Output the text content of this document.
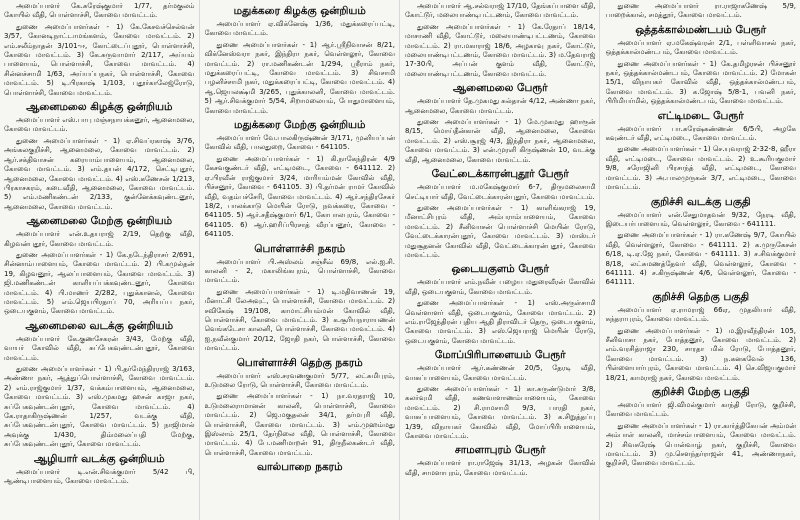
அமைப்பாளர் கே.சுரேஷ்குமார் 1/77, தர்மகுலம் கோயில் வீதி, பொள்ளாச்சி, கோவை மாவட்டம்.

துணை அமைப்பாளர்கள் - 1) கே.கேசவச்செல்வன் 3/57, கோனடிநாட்டாமங்களம், கோவை மாவட்டம். 2) எம்.சலீம்நாதன் 3/101-ஈ, கோட்டைப்புதூர், பொள்ளாச்சி, கோவை மாவட்டம். 3) கே.சுருவாமார் 2/117, அய்யம் பாளையம், பொள்ளாச்சி, கோவை மாவட்டம். 4) சின்னச்சாமி 1/63, அய்யப்பநகர், பொள்ளாச்சி, கோவை மாவட்டம். 5) டி.பிரகாஷ் 1/103, புதூர்காலேஜ்ரோடு, பொள்ளாச்சி, கோவை மாவட்டம்.

ஆனைமலை கிழக்கு ஒன்றியம்

அமைப்பாளர் எஸ்.பாபு மஞ்சநாயக்கனூர், ஆனைமலை, கோவை மாவட்டம்.

துணை அமைப்பாளர்கள் - 1) ஏ.சிவப்ரகாஷ் 3/76, அங்கலகுறிச்சி, ஆனைமலை, கோவை மாவட்டம். 2) ஆர்.சக்திவாசன் கரையாம்பாளையம், ஆனைமலை, கோவை மாவட்டம். 3) எம்.தயன் 4/172, செட்டிபுதூர், ஆனைமலை, கோவை மாவட்டம். 4) எஸ்.கணேசன் 1/213, பிரகாசகரம், கடைவீதி, ஆனைமலை, கோவை மாவட்டம். 5) எம்.மணிகண்டன் 2/133, குன்னேக்கவுண்டனூர், ஆனைமலை, கோவை மாவட்டம்.

ஆனைமலை மேற்கு ஒன்றியம்

அமைப்பாளர் என்.உதயராஜ் 2/19, தெற்கு வீதி, கிழவன்புதூர், கோவை மாவட்டம்.

துணை அமைப்பாளர்கள் - 1) கே.நடேந்திராசர் 2/691, சின்னாம்பாளையம், கோவை மாவட்டம். 2) பி.கமுல்தன் 19, கிழவனூர், ஆலப்பாளையம், கோவை மாவட்டம். 3) ஜி.மணிகண்டன் காளியப்பக்கவுண்டனூர், கோவை மாவட்டம். 4) பி.மாணர் 2/282, புதுக்கானல், கோவை மாவட்டம். 5) எம்.ஜெயபிரதாப் 70, அரியப்ப நகர், ஒடையகுளம், கோவை மாவட்டம்.

ஆனைமலை வடக்கு ஒன்றியம்

அமைப்பாளர் கே.குணசேகரன் 3/43, மேற்கு வீதி, வாயர் கோவில் வீதி, சுப்பேகவுண்டன்புதூர், கோவை மாவட்டம்.

துணை அமைப்பாளர்கள் - 1) பி.தர்மேந்திரராஜ் 3/163, அண்ணா நகர், ஆத்துப்பொள்ளாச்சி, கோவை மாவட்டம். 2) எம்.ராஜ்குமார் 1/37, வக்கம்பாளையம், ஆனைமலை, கோவை மாவட்டம். 3) எஸ்.முகமது ஹசன் காஜா நகர், சுப்பேகவுண்டன்புதூர், கோவை மாவட்டம். 4) கே.ராதாகிருஷ்ணன் 1/257, வடக்கு வீதி, சுப்பேகவுண்டன்புதூர், கோவை மாவட்டம். 5) நாஜிமால் அவுக்கு 1/430, திம்மலைப்பதி மேற்கு, சுப்பேகவுண்டன்புதூர், கோவை மாவட்டம்.

ஆழியார் வடக்கு ஒன்றியம்

அமைப்பாளர் டி.என்.சிவக்குமார் 5/42 பி, ஆண்டிபாளையம், கோவை மாவட்டம்.

மதுக்கரை கிழக்கு ஒன்றியம்

அமைப்பாளர் ஏ.விக்னேஷ் 1/36, மதுக்கரைப்பட்டி, கோவை மாவட்டம்.

துணை அமைப்பாளர்கள் - 1) ஆர்.ஸ்ரீநிவாசன் 8/21, விக்னேஸ்வரா நகர், இந்திரா நகர், வெள்ளலூர், கோவை மாவட்டம். 2) ரா.மணிகண்டன் 1/294, ஸ்ரீராம் நகர், மதுக்கரைப்பட்டி, கோவை மாவட்டம். 3) சிவசாமி பழனிச்சாமி நகர், மதுக்கரைப்பட்டி, கோவை மாவட்டம். 4) ஆ.ஜெயலக்ஷ்மி 3/265, புதுக்காலனி, கோவை மாவட்டம். 5) ஆர்.சிவக்குமார் 5/54, சிறாமலையம், போதுமாளையம், கோவை மாவட்டம்.

மதுக்கரை மேற்கு ஒன்றியம்

அமைப்பாளர் வே.பாலகிருஷ்ணன் 3/171, முனியப்பன் கோவில் வீதி, பாலதுறை, கோவை - 641105.

துணை அமைப்பாளர்கள் - 1) கி.நாகேந்திரன் 4/9 கேசவகுண்டர் வீதி, எட்டிமடை, கோவை - 641112. 2) ஏ.பிரவீன் ராஜ்குமார் 3/24, மாரியம்மன் கோவில் வீதி, பிச்சனூர், கோவை - 641105. 3) பி.தர்மன் ராமர் கோவில் வீதி, வதம்பச்சேரி, கோவை மாவட்டம். 4) ஆர்.சந்திரசேகர் 18/2, பாலக்காடு மெயின் ரோடு, நவக்கரை, கோவை - 641105. 5) ஆர்.சதீஷ்குமார் 6/1, கோபாலபுரம், கோவை - 641105. 6) ஆர்.ஹரிப்பிரசாத் வீரப்பனூர், கோவை - 641105.

பொள்ளாச்சி நகரம்

அமைப்பாளர் பி.அஸ்லம் சஞ்சீவ் 69/8, எல்.ஐ.சி. காலனி - 2, மகாலிங்கபுரம், பொள்ளாச்சி, கோவை மாவட்டம்.

துணை அமைப்பாளர்கள் - 1) டி.மதிவாணன் 19, மீனாட்சி லேஅவுட், பொள்ளாச்சி, கோவை மாவட்டம். 2) சவிகேஷ் 19/108, காமாட்சியம்மன் கோவில் வீதி, பொள்ளாச்சி, கோவை மாவட்டம். 3) க.சூரியநாராயணன் வெங்கடேசா காலனி, பொள்ளாச்சி, கோவை மாவட்டம். 4) ஐ.நவீன்குமார் 20/12, ஜோதி நகர், பொள்ளாச்சி, கோவை மாவட்டம்.

பொள்ளாச்சி தெற்கு நகரம்

அமைப்பாளர் எஸ்.சரவணகுமார் 5/77, லட்சுமிபுரம், உடுமலை ரோடு, பொள்ளாச்சி, கோவை மாவட்டம்.

துணை அமைப்பாளர்கள் - 1) நா.வரதராஜ் 10, உடுமலைராமானன் காலனி, பொள்ளாச்சி, கோவை மாவட்டம். 2) ஜெ.மகுதலன் 34/1, தர்மபுரி வீதி, பொள்ளாச்சி, கோவை மாவட்டம். 3) எம்.முஹம்மது இஸ்லாம் 25/1, தேர்நிலை வீதி, பொள்ளாச்சி, கோவை மாவட்டம். 4) பே.மணிமாறன் 91, திருநீலகண்டர் வீதி, பொள்ளாச்சி, கோவை மாவட்டம்.

வால்பாறை நகரம்

அமைப்பாளர் ஆ.சல்வராஜ் 17/10, தேங்கப்பாளை வீதி, கோட்டூர், மலையாண்டிபட்டணம், கோவை மாவட்டம்.

துணை அமைப்பாளர்கள் - 1) கே.ரேதாப் 18/14, மாசாணி வீதி, கோட்டூர், மலையாண்டிபட்டணம், கோவை மாவட்டம். 2) ரா.மகாராஜ் 18/6, அழகாவு நகர், கோட்டூர், மலையாண்டிபட்டணம், கோவை மாவட்டம். 3) ம.தேவராஜ் 17-30பி, அப்பன் குளம் வீதி, கோட்டூர், மலையாண்டிபட்டணம், கோவை மாவட்டம்.

ஆனைமலை பேரூர்

அமைப்பாளர் தே.முகமது சுல்தான் 4/12, அண்ணா நகர், ஆனைமலை, கோவை மாவட்டம்.

துணை அமைப்பாளர்கள் - 1) மே.முகமது ஹாரூன் 8/15, மொய்தீன்கான் வீதி, ஆனைமலை, கோவை மாவட்டம். 2) எஸ்.சூரஜ் 4/3, இந்திரா நகர், ஆனைமலை, கோவை மாவட்டம். 3) என்.முரளி கிருஷ்ணன் 10, வடக்கு வீதி, ஆனைமலை, கோவை மாவட்டம்.

வேட்டைக்காரன்புதூர் பேரூர்

அமைப்பாளர் ம.மகேஷ்குமார் 6-7, திருமலைசாமி செட்டியார் வீதி, வேட்டைக்காரன்புதூர், கோவை மாவட்டம்.

துணை அமைப்பாளர்கள் - 1) காளிங்கராஜ் 19, மீனாட்சிபுரம் வீதி, அம்பராம்பாளையம், கோவை மாவட்டம். 2) சீனிவாசன் பொள்ளாச்சி மெயின் ரோடு, வேட்டைக்காரன்புதூர், கோவை மாவட்டம். 3) மாஸ்டர் மதுசூதனன் கோவில் வீதி, வேட்டைக்காரன்புதூர், கோவை மாவட்டம்.

ஒடையகுளம் பேரூர்

அமைப்பாளர் எம்.நவீன் பழைய மதுரைவீரன் கோவில் வீதி, ஒடையகுளம், கோவை மாவட்டம்.

துணை அமைப்பாளர்கள் - 1) எஸ்.அருள்சாமி வெள்ளாளர் வீதி, ஒடையகுளம், கோவை மாவட்டம். 2) எம்.ராஜேந்திரன் புதிய ஆதி திராவிடர் தெரு, ஒடையகுளம், கோவை மாவட்டம். 3) எஸ்.ஜெயராஜ் மெயின் ரோடு, ஒடையகுளம், கோவை மாவட்டம்.

மோப்பிரிபாளையம் பேரூர்

அமைப்பாளர் ஆர்.கண்ணன் 20/5, தேரடி வீதி, வாசுப்பாளையம், கோவை மாவட்டம்.

துணை அமைப்பாளர்கள் - 1) கா.சுருண்டுமார் 3/8, கலர்வுமி வீதி, கணவாளாணம்பாளையம், கோவை மாவட்டம். 2) சி.ராமசாமி 9/3, பாரதி நகர், வாசுப்பாளையம், கோவை மாவட்டம். 3) க.சிறுத்தப்பு 1/39, விநாயகர் கோவில் வீதி, மோப்பிரிபாளையம், கோவை மாவட்டம்.

சாமளாபுரம் பேரூர்

அமைப்பாளர் ரா.ராஜேஷ் 31/13, அழகன் கோவில் வீதி, சாமளாபுரம், கோவை மாவட்டம்.

துணை அமைப்பாளர் ரா.ராஜாகணேஷ் 5/9, பாறைக்கால், சமத்தூர், கோவை மாவட்டம்.

ஒத்தக்கால்மண்டபம் பேரூர்

அமைப்பாளர் ஏ.மகேஷ்வரன் 2/1, பள்ளிவாசல் நகர், ஒத்தக்கால்மண்டபம், கோவை மாவட்டம்.

துணை அமைப்பாளர்கள் - 1) கே.தமிழரசன் பிச்சனூர் நகர், ஒத்தக்கால்மண்டபம், கோவை மாவட்டம். 2) மோகன் 15/1, விநாயகர் கோவில் வீதி, ஒத்தக்கால்மண்டபம், கோவை மாவட்டம். 3) க.ஜோஷ் 5/8-1, பவனி நகர், பிரிமியர்மில், ஒத்தக்கால்மண்டபம், கோவை மாவட்டம்.

எட்டிமடை பேரூர்

அமைப்பாளர் பா.சுரேஷ்கண்ணன் 6/5பி, அழகே கவுண்டர் வீதி, எட்டிமடை, கோவை மாவட்டம்.

துணை அமைப்பாளர்கள் - 1) செ.யுவராஜ் 2-32-8, ஹீரா வீதி, எட்டிமடை, கோவை மாவட்டம். 2) உ.கூரியகுமார் 9/8, சரோஜினி பிரசாந்த் வீதி, எட்டிமடை, கோவை மாவட்டம். 3) அ.பாலமுருகன் 3/7, எட்டிமடை, கோவை மாவட்டம்.

குறிச்சி வடக்கு பகுதி

அமைப்பாளர் என்.சேதுமாதவன் 9/32, நேரடி வீதி, இடையர்பாளையம், வெள்ளலூர், கோவை - 641111.

துணை அமைப்பாளர்கள் - 1) ரா.கணேஷ் 9/7, கோயில் வீதி, வெள்ளலூர், கோவை - 641111. 2) க.முருகேசன் 6/18, டி.ஏ.ஜே நகர், கோவை - 641111. 3) ச.சிவக்குமார் 8/18, லட்சுமணத்தேவர் வீதி, வெள்ளலூர், கோவை - 641111. 4) ச.கிருஷ்ணன் 4/6, வெள்ளலூர், கோவை - 641111.

குறிச்சி தெற்கு பகுதி

அமைப்பாளர் ஏ.ராமராஜ் 66ஏ, முதலியார் வீதி, சுந்தராபுரம், கோவை மாவட்டம்.

துணை அமைப்பாளர்கள் - 1) ம.இரவீந்திரன் 105, சீனிவாசா நகர், போத்தனூர், கோவை மாவட்டம். 2) எம்.வரசித்ராஜா 230, சாரதா மில் ரோடு, போத்தனூர், கோவை மாவட்டம். 3) ந.கனகவேல் 136, பிள்ளையார்புரம், கோவை மாவட்டம். 4) செ.விஜயகுமார் 18/21, காமராஜ் நகர், கோவை மாவட்டம்.

குறிச்சி மேற்கு பகுதி

அமைப்பாளர் ஜி.விமல்குமார் காந்தி ரோடு, குறிச்சி, கோவை மாவட்டம்.

துணை அமைப்பாளர்கள் - 1) ரா.கார்த்திகேயன் அம்மன் அம்பாள் காலனி, மாச்சம்பாளையம், கோவை மாவட்டம். 2) சிவசுரேஷ் பொன்வாழ் நகர், குறிச்சி, கோவை மாவட்டம். 3) மு.சௌந்தர்ராஜன் 41, அண்ணாநகர், குறிச்சி, கோவை மாவட்டம்.
